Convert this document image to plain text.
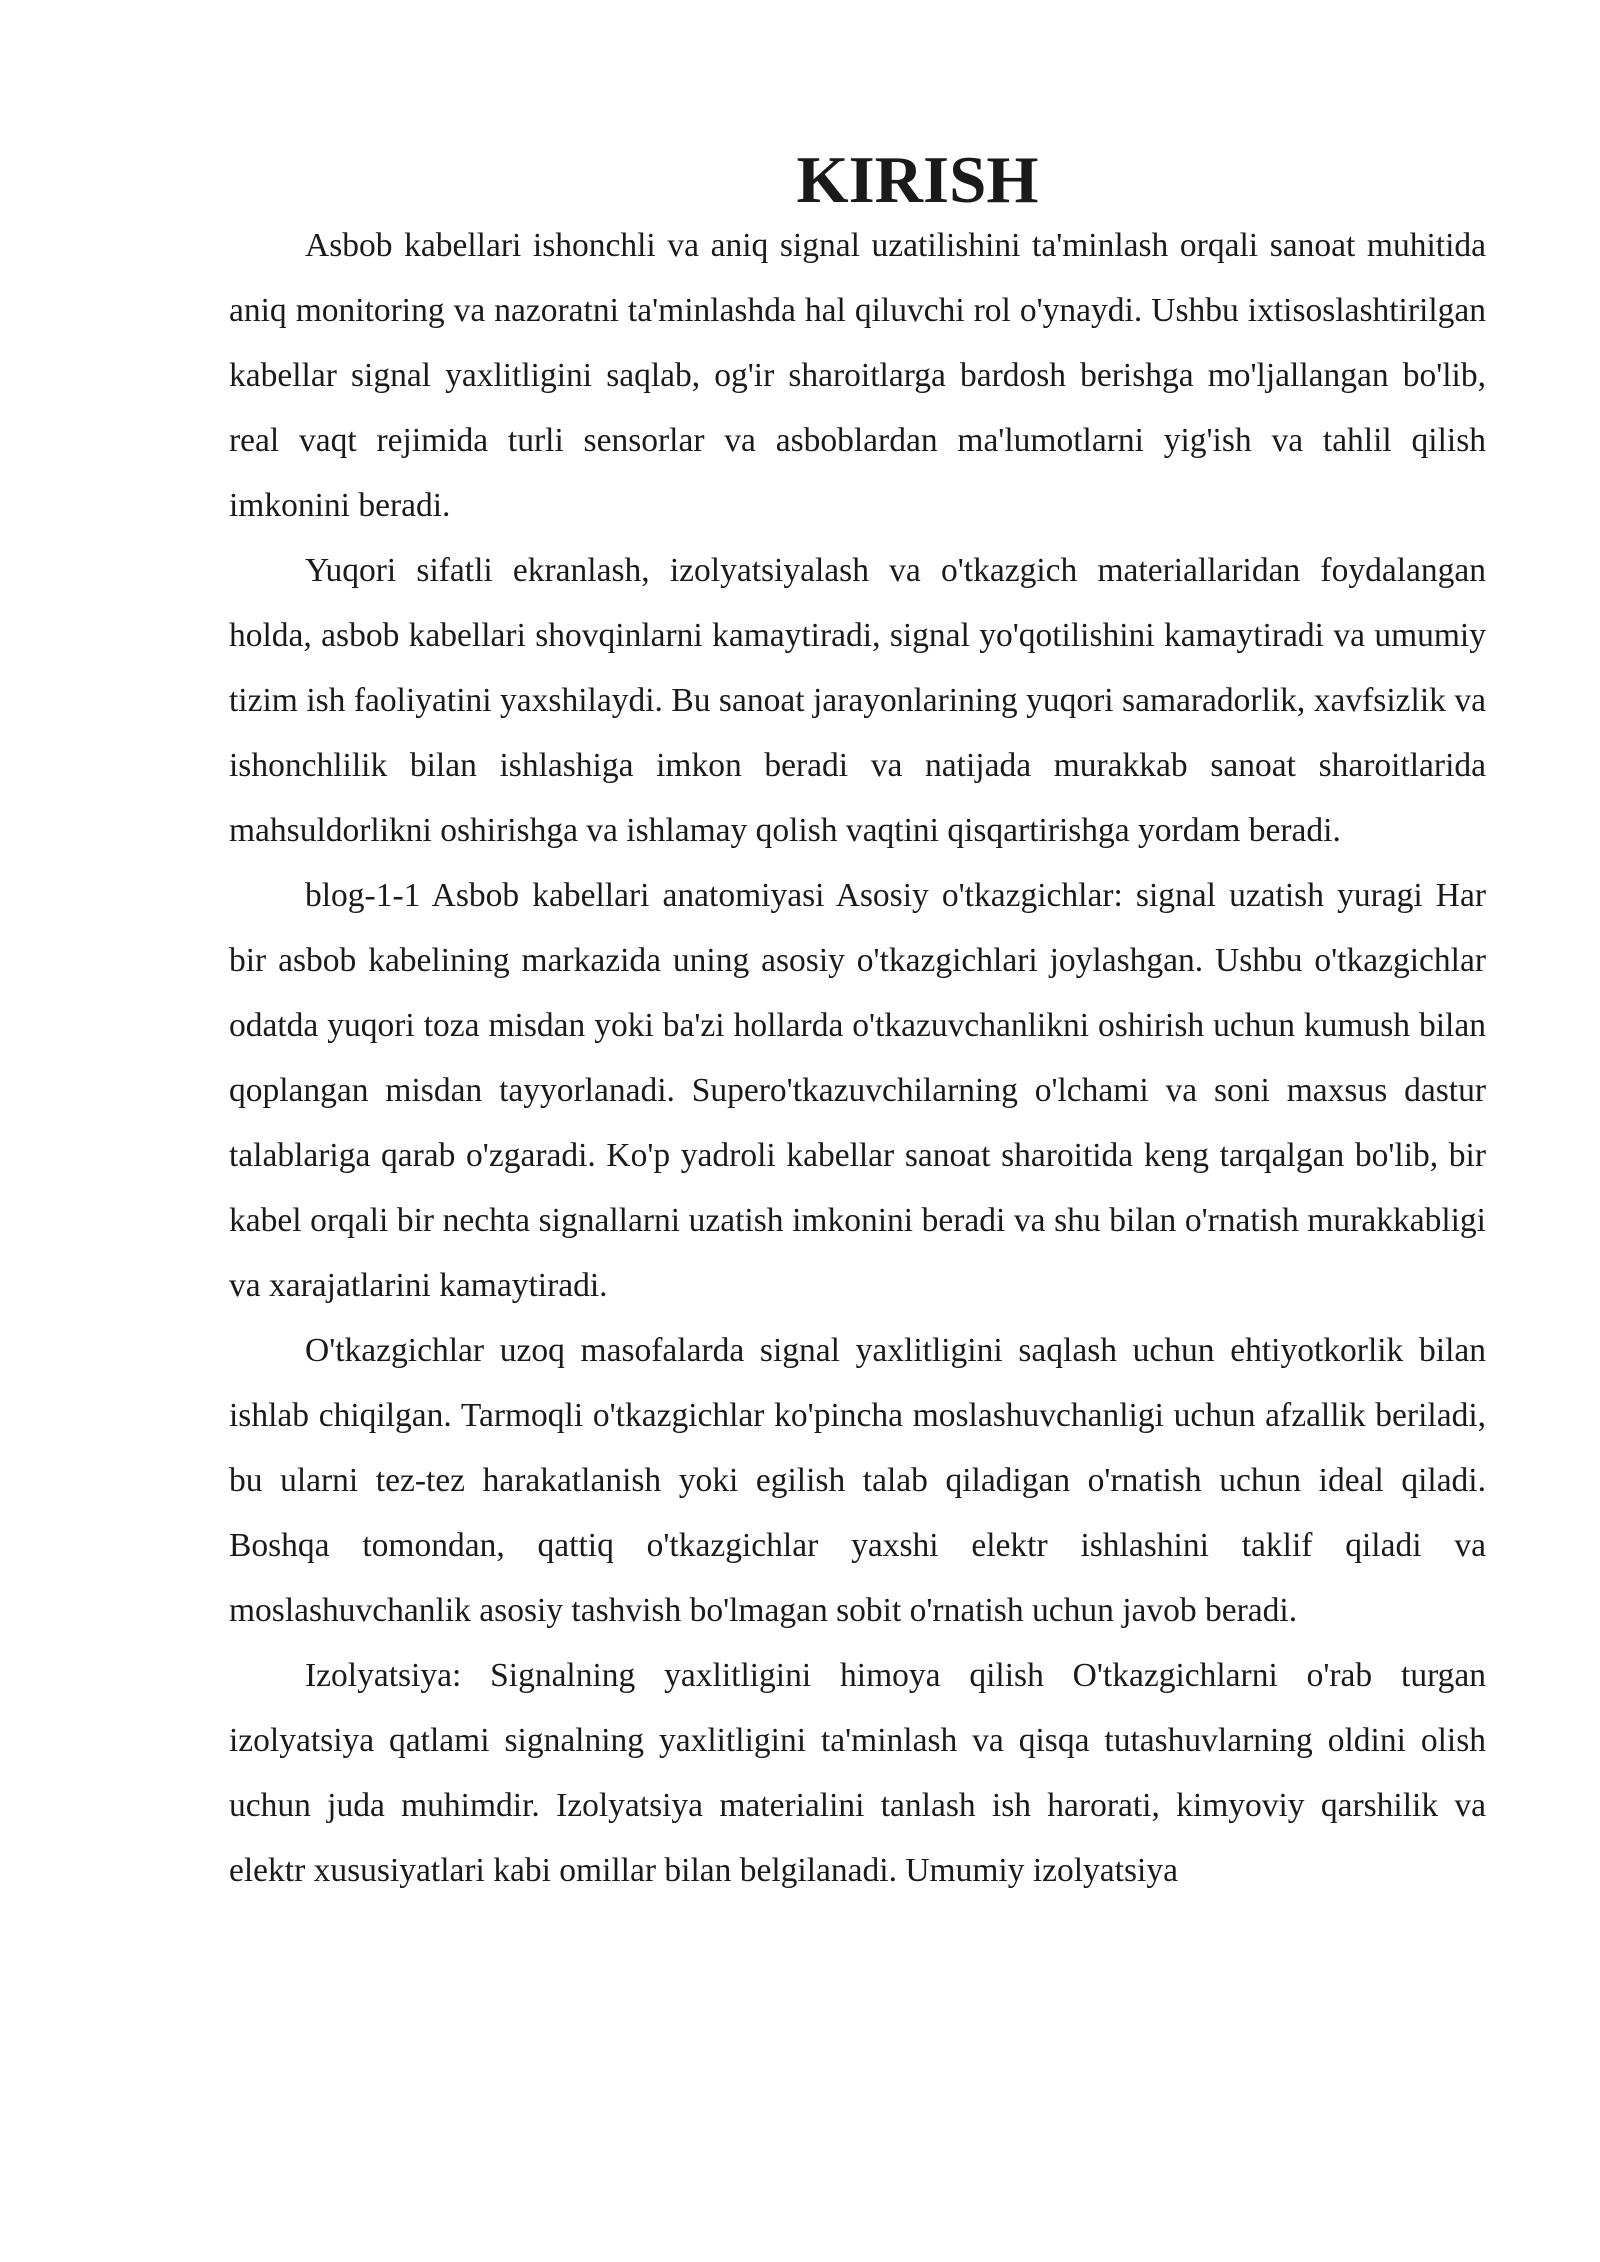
KIRISH

Asbob kabellari ishonchli va aniq signal uzatilishini ta'minlash orqali sanoat muhitida aniq monitoring va nazoratni ta'minlashda hal qiluvchi rol o'ynaydi. Ushbu ixtisoslashtirilgan kabellar signal yaxlitligini saqlab, og'ir sharoitlarga bardosh berishga mo'ljallangan bo'lib, real vaqt rejimida turli sensorlar va asboblardan ma'lumotlarni yig'ish va tahlil qilish imkonini beradi.

Yuqori sifatli ekranlash, izolyatsiyalash va o'tkazgich materiallaridan foydalangan holda, asbob kabellari shovqinlarni kamaytiradi, signal yo'qotilishini kamaytiradi va umumiy tizim ish faoliyatini yaxshilaydi. Bu sanoat jarayonlarining yuqori samaradorlik, xavfsizlik va ishonchlilik bilan ishlashiga imkon beradi va natijada murakkab sanoat sharoitlarida mahsuldorlikni oshirishga va ishlamay qolish vaqtini qisqartirishga yordam beradi.

blog-1-1 Asbob kabellari anatomiyasi Asosiy o'tkazgichlar: signal uzatish yuragi Har bir asbob kabelining markazida uning asosiy o'tkazgichlari joylashgan. Ushbu o'tkazgichlar odatda yuqori toza misdan yoki ba'zi hollarda o'tkazuvchanlikni oshirish uchun kumush bilan qoplangan misdan tayyorlanadi. Supero'tkazuvchilarning o'lchami va soni maxsus dastur talablariga qarab o'zgaradi. Ko'p yadroli kabellar sanoat sharoitida keng tarqalgan bo'lib, bir kabel orqali bir nechta signallarni uzatish imkonini beradi va shu bilan o'rnatish murakkabligi va xarajatlarini kamaytiradi.

O'tkazgichlar uzoq masofalarda signal yaxlitligini saqlash uchun ehtiyotkorlik bilan ishlab chiqilgan. Tarmoqli o'tkazgichlar ko'pincha moslashuvchanligi uchun afzallik beriladi, bu ularni tez-tez harakatlanish yoki egilish talab qiladigan o'rnatish uchun ideal qiladi. Boshqa tomondan, qattiq o'tkazgichlar yaxshi elektr ishlashini taklif qiladi va moslashuvchanlik asosiy tashvish bo'lmagan sobit o'rnatish uchun javob beradi.

Izolyatsiya: Signalning yaxlitligini himoya qilish O'tkazgichlarni o'rab turgan izolyatsiya qatlami signalning yaxlitligini ta'minlash va qisqa tutashuvlarning oldini olish uchun juda muhimdir. Izolyatsiya materialini tanlash ish harorati, kimyoviy qarshilik va elektr xususiyatlari kabi omillar bilan belgilanadi. Umumiy izolyatsiya
